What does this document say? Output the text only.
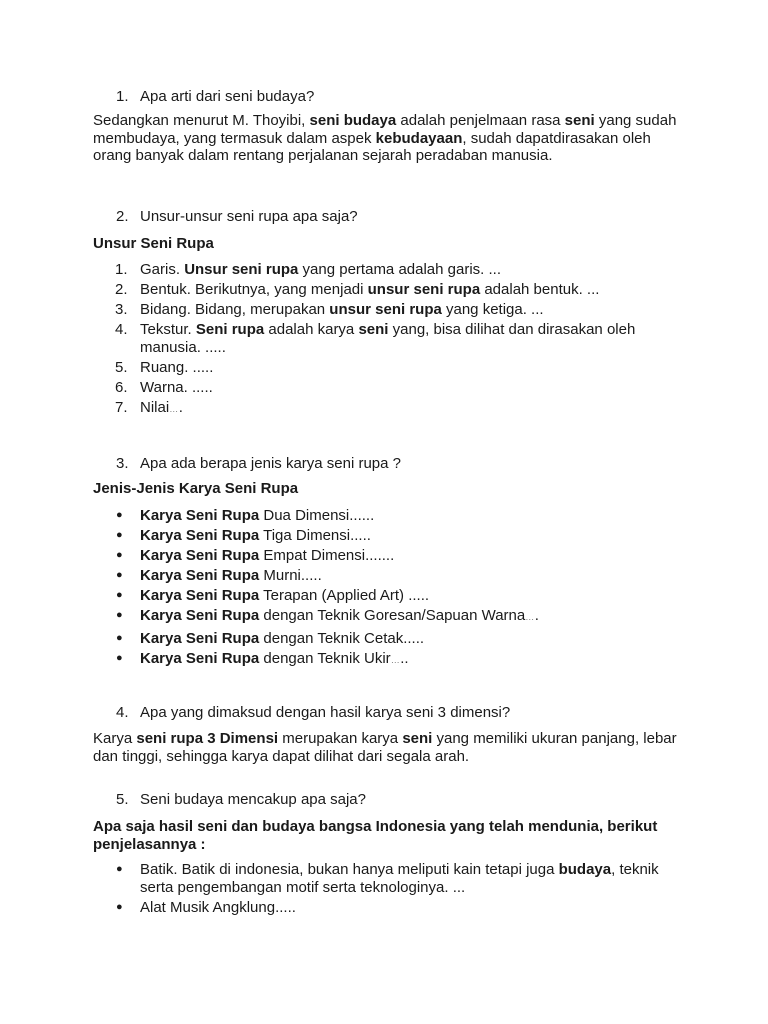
1. Apa arti dari seni budaya?
Sedangkan menurut M. Thoyibi, seni budaya adalah penjelmaan rasa seni yang sudah membudaya, yang termasuk dalam aspek kebudayaan, sudah dapatdirasakan oleh orang banyak dalam rentang perjalanan sejarah peradaban manusia.
2. Unsur-unsur seni rupa apa saja?
Unsur Seni Rupa
1. Garis. Unsur seni rupa yang pertama adalah garis. ...
2. Bentuk. Berikutnya, yang menjadi unsur seni rupa adalah bentuk. ...
3. Bidang. Bidang, merupakan unsur seni rupa yang ketiga. ...
4. Tekstur. Seni rupa adalah karya seni yang, bisa dilihat dan dirasakan oleh manusia. .....
5. Ruang. .....
6. Warna. .....
7. Nilai….
3. Apa ada berapa jenis karya seni rupa ?
Jenis-Jenis Karya Seni Rupa
● Karya Seni Rupa Dua Dimensi......
● Karya Seni Rupa Tiga Dimensi.....
● Karya Seni Rupa Empat Dimensi.......
● Karya Seni Rupa Murni.....
● Karya Seni Rupa Terapan (Applied Art) .....
● Karya Seni Rupa dengan Teknik Goresan/Sapuan Warna….
● Karya Seni Rupa dengan Teknik Cetak.....
● Karya Seni Rupa dengan Teknik Ukir…..
4. Apa yang dimaksud dengan hasil karya seni 3 dimensi?
Karya seni rupa 3 Dimensi merupakan karya seni yang memiliki ukuran panjang, lebar dan tinggi, sehingga karya dapat dilihat dari segala arah.
5. Seni budaya mencakup apa saja?
Apa saja hasil seni dan budaya bangsa Indonesia yang telah mendunia, berikut penjelasannya :
● Batik. Batik di indonesia, bukan hanya meliputi kain tetapi juga budaya, teknik serta pengembangan motif serta teknologinya. ...
● Alat Musik Angklung.....
